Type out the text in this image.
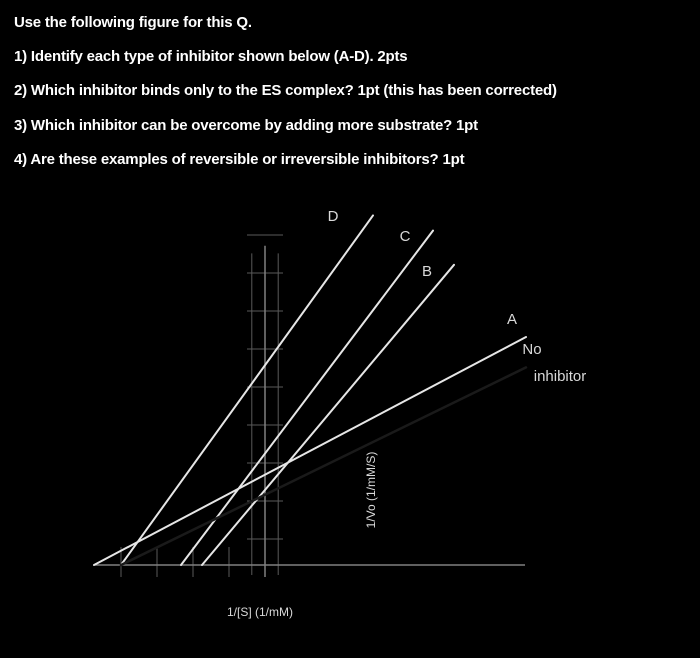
Use the following figure for this Q.
1) Identify each type of inhibitor shown below (A-D). 2pts
2) Which inhibitor binds only to the ES complex? 1pt (this has been corrected)
3) Which inhibitor can be overcome by adding more substrate? 1pt
4) Are these examples of reversible or irreversible inhibitors? 1pt
D
C
B
A
No
inhibitor
1/[S] (1/mM)
1/Vo (1/mM/S)
